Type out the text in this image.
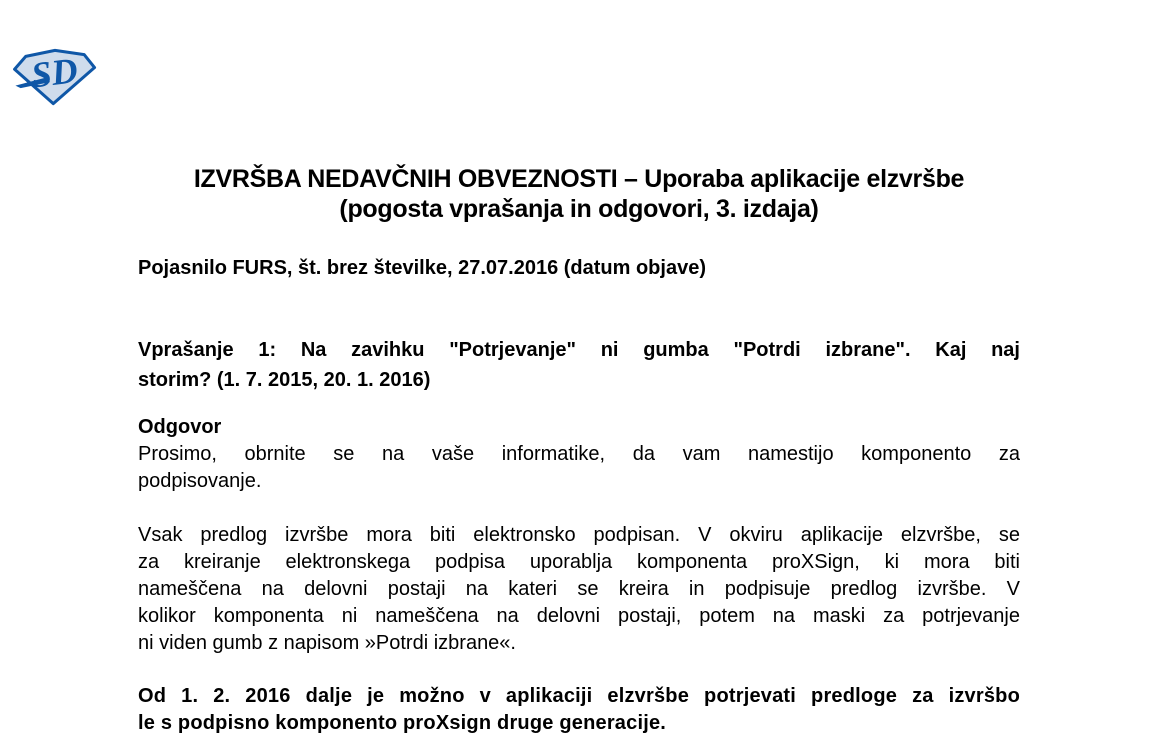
SD
IZVRŠBA NEDAVČNIH OBVEZNOSTI – Uporaba aplikacije elzvršbe
(pogosta vprašanja in odgovori, 3. izdaja)
Pojasnilo FURS, št. brez številke, 27.07.2016 (datum objave)
Vprašanje 1: Na zavihku "Potrjevanje" ni gumba "Potrdi izbrane". Kaj naj
storim? (1. 7. 2015, 20. 1. 2016)
Odgovor
Prosimo, obrnite se na vaše informatike, da vam namestijo komponento za
podpisovanje.
Vsak predlog izvršbe mora biti elektronsko podpisan. V okviru aplikacije elzvršbe, se
za kreiranje elektronskega podpisa uporablja komponenta proXSign, ki mora biti
nameščena na delovni postaji na kateri se kreira in podpisuje predlog izvršbe. V
kolikor komponenta ni nameščena na delovni postaji, potem na maski za potrjevanje
ni viden gumb z napisom »Potrdi izbrane«.
Od 1. 2. 2016 dalje je možno v aplikaciji elzvršbe potrjevati predloge za izvršbo
le s podpisno komponento proXsign druge generacije.
